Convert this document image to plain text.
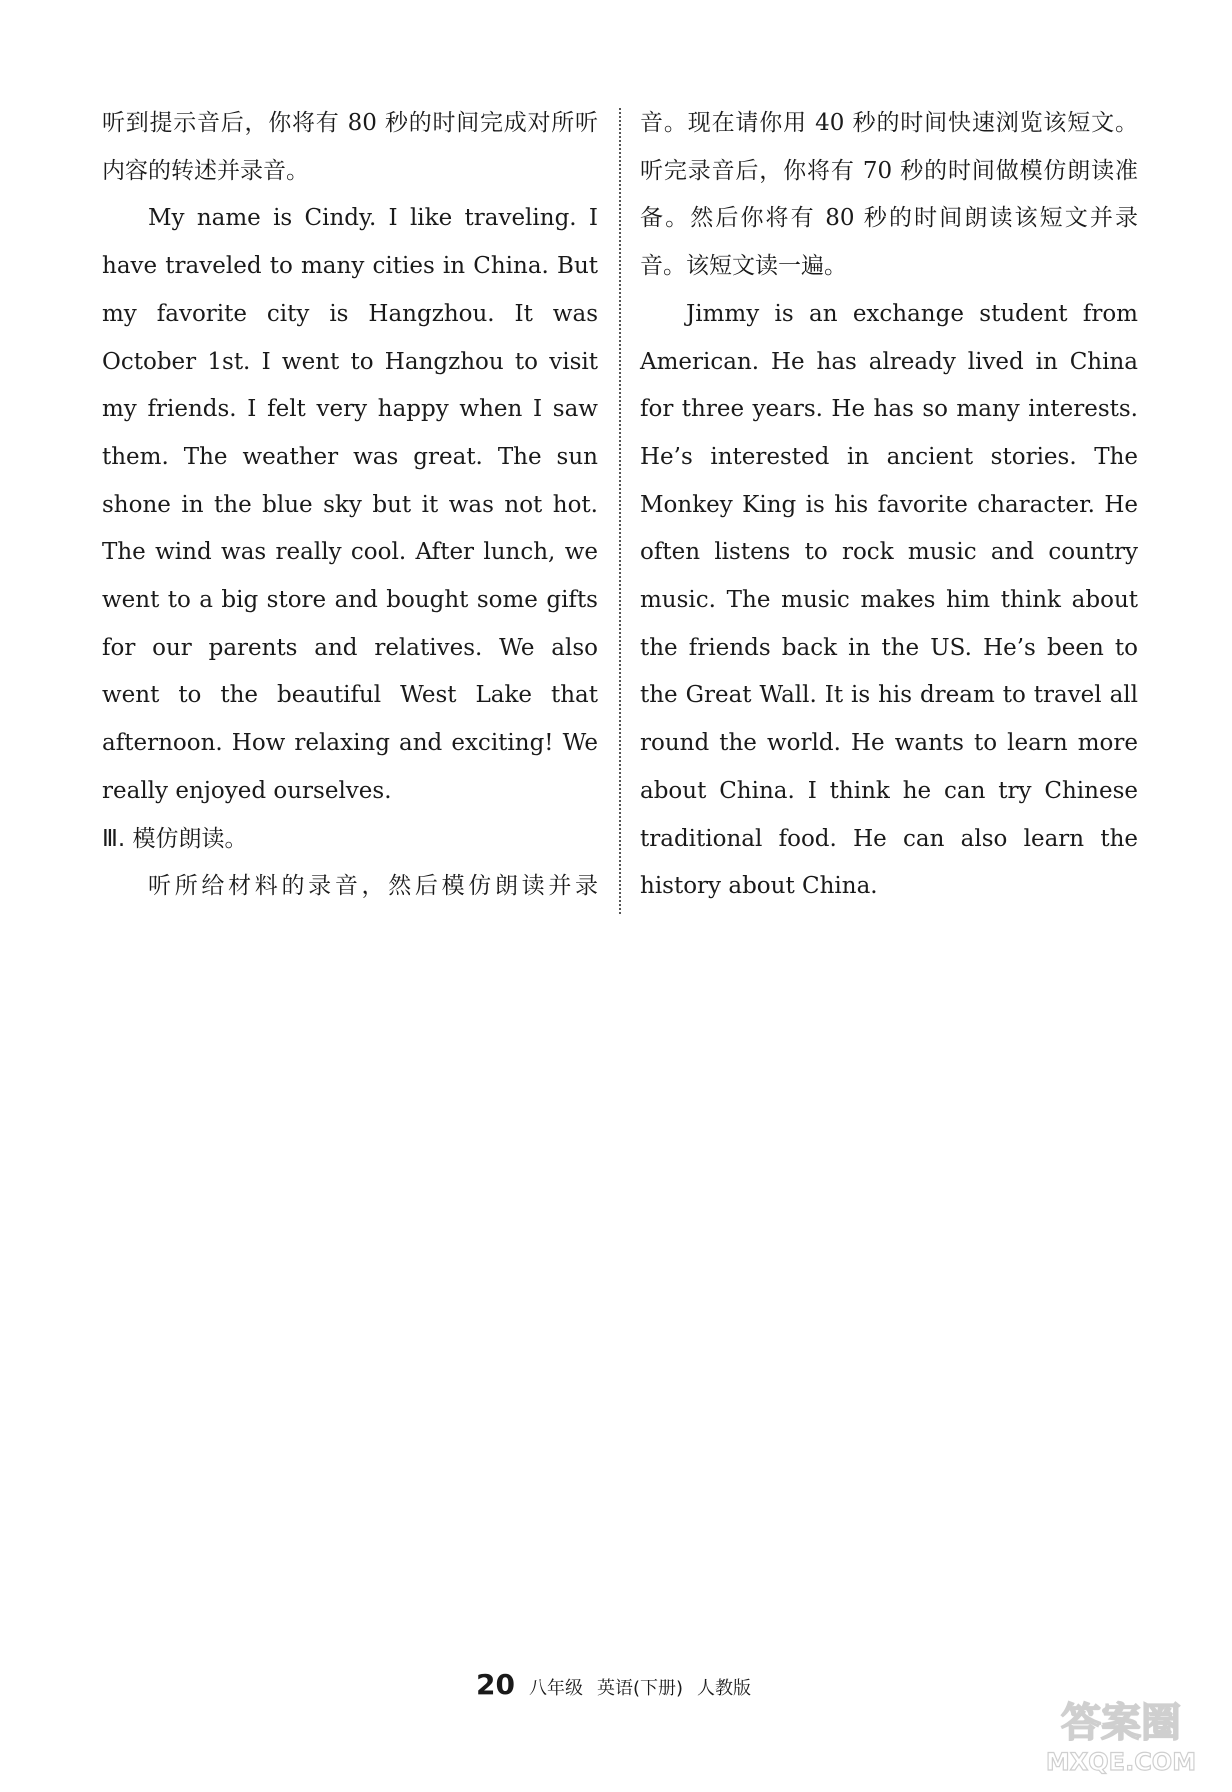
听到提示音后，你将有 80 秒的时间完成对所听内容的转述并录音。

My name is Cindy. I like traveling. I have traveled to many cities in China. But my favorite city is Hangzhou. It was October 1st. I went to Hangzhou to visit my friends. I felt very happy when I saw them. The weather was great. The sun shone in the blue sky but it was not hot. The wind was really cool. After lunch, we went to a big store and bought some gifts for our parents and relatives. We also went to the beautiful West Lake that afternoon. How relaxing and exciting! We really enjoyed ourselves.

Ⅲ. 模仿朗读。

听所给材料的录音，然后模仿朗读并录

音。现在请你用 40 秒的时间快速浏览该短文。听完录音后，你将有 70 秒的时间做模仿朗读准备。然后你将有 80 秒的时间朗读该短文并录音。该短文读一遍。

Jimmy is an exchange student from American. He has already lived in China for three years. He has so many interests. He’s interested in ancient stories. The Monkey King is his favorite character. He often listens to rock music and country music. The music makes him think about the friends back in the US. He’s been to the Great Wall. It is his dream to travel all round the world. He wants to learn more about China. I think he can try Chinese traditional food. He can also learn the history about China.

20 八年级 英语(下册) 人教版
答案圈
MXQE.COM
